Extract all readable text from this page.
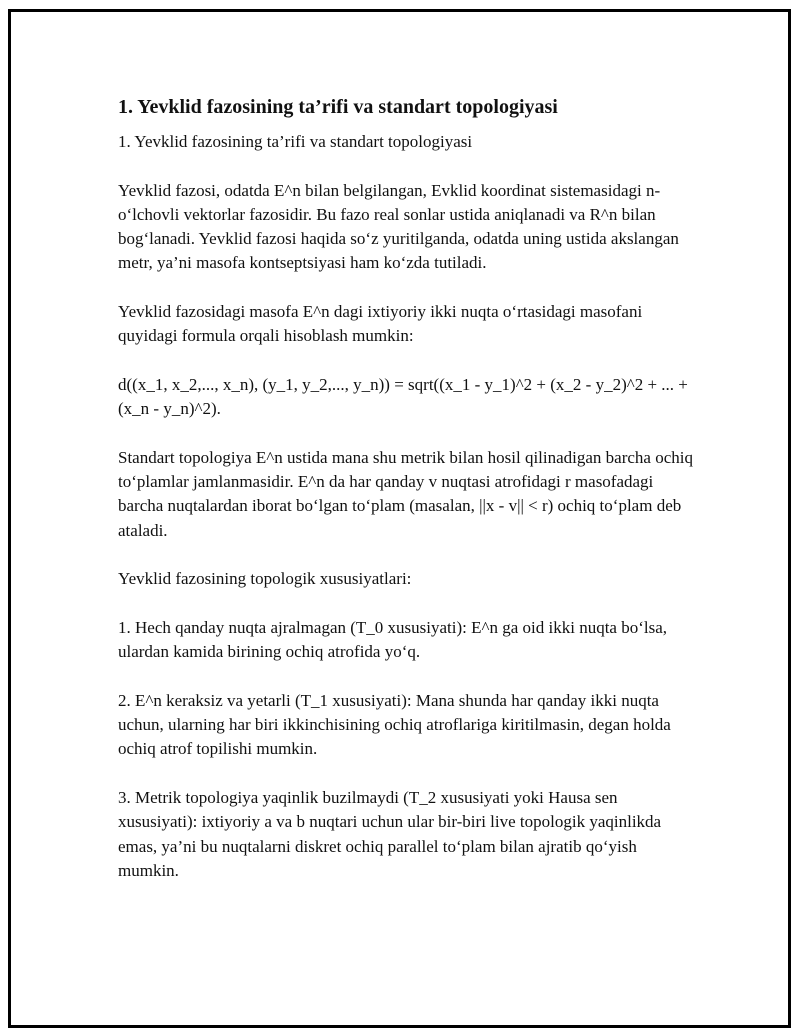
1. Yevklid fazosining ta’rifi va standart topologiyasi

1. Yevklid fazosining ta’rifi va standart topologiyasi

Yevklid fazosi, odatda E^n bilan belgilangan, Evklid koordinat sistemasidagi n-o‘lchovli vektorlar fazosidir. Bu fazo real sonlar ustida aniqlanadi va R^n bilan bog‘lanadi. Yevklid fazosi haqida so‘z yuritilganda, odatda uning ustida akslangan metr, ya’ni masofa kontseptsiyasi ham ko‘zda tutiladi.

Yevklid fazosidagi masofa E^n dagi ixtiyoriy ikki nuqta o‘rtasidagi masofani quyidagi formula orqali hisoblash mumkin:

d((x_1, x_2,..., x_n), (y_1, y_2,..., y_n)) = sqrt((x_1 - y_1)^2 + (x_2 - y_2)^2 + ... + (x_n - y_n)^2).

Standart topologiya E^n ustida mana shu metrik bilan hosil qilinadigan barcha ochiq to‘plamlar jamlanmasidir. E^n da har qanday v nuqtasi atrofidagi r masofadagi barcha nuqtalardan iborat bo‘lgan to‘plam (masalan, ||x - v|| < r) ochiq to‘plam deb ataladi.

Yevklid fazosining topologik xususiyatlari:

1. Hech qanday nuqta ajralmagan (T_0 xususiyati): E^n ga oid ikki nuqta bo‘lsa, ulardan kamida birining ochiq atrofida yo‘q.

2. E^n keraksiz va yetarli (T_1 xususiyati): Mana shunda har qanday ikki nuqta uchun, ularning har biri ikkinchisining ochiq atroflariga kiritilmasin, degan holda ochiq atrof topilishi mumkin.

3. Metrik topologiya yaqinlik buzilmaydi (T_2 xususiyati yoki Hausa sen xususiyati): ixtiyoriy a va b nuqtari uchun ular bir-biri live topologik yaqinlikda emas, ya’ni bu nuqtalarni diskret ochiq parallel to‘plam bilan ajratib qo‘yish mumkin.
